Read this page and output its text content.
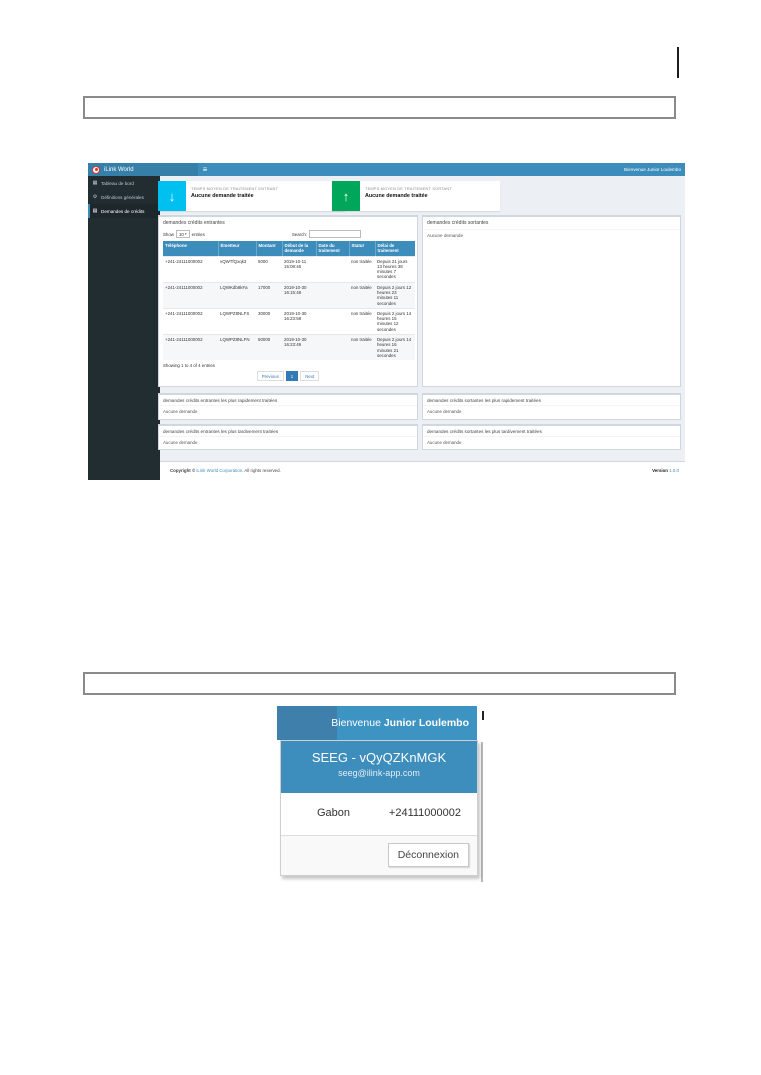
iLink World	≡	Bienvenue Junior Loulembo
▦ Tableau de bord
⚙ Définitions générales
▤ Demandes de crédits
↓	TEMPS MOYEN DE TRAITEMENT ENTRANT
Aucune demande traitée	↑	TEMPS MOYEN DE TRAITEMENT SORTANT
Aucune demande traitée
demandes crédits entrantes
Show 10 ▾ entries	Search:
Téléphone	Émetteur	Montant	Début de la demande	Date du traitement	Statut	Délai de traitement
+241-24111000002	vQWTfQxqk3	5000	2019-10-11 15:08:46		non traitée	Depuis 21 jours 13 heures 38 minutes 7 secondes
+241-24111000002	LQWKdb8kFa	17000	2019-10-30 16:15:48		non traitée	Depuis 2 jours 12 heures 23 minutes 11 secondes
+241-24111000002	LQWPZ8NLFS	30000	2019-10-30 16:23:58		non traitée	Depuis 2 jours 14 heures 15 minutes 12 secondes
+241-24111000002	LQWPZ8NLFN	50000	2019-10-30 16:23:49		non traitée	Depuis 2 jours 14 heures 16 minutes 21 secondes
Showing 1 to 4 of 4 entries
Previous	1	Next
demandes crédits sortantes
Aucune demande
demandes crédits entrantes les plus rapidement traitées
Aucune demande
demandes crédits sortantes les plus rapidement traitées
Aucune demande
demandes crédits entrantes les plus tardivement traitées
Aucune demande
demandes crédits sortantes les plus tardivement traitées
Aucune demande
Copyright © iLink World Corporation. All rights reserved.	Version 1.0.0
Bienvenue Junior Loulembo
SEEG - vQyQZKnMGK
seeg@ilink-app.com
Gabon	+24111000002
Déconnexion
